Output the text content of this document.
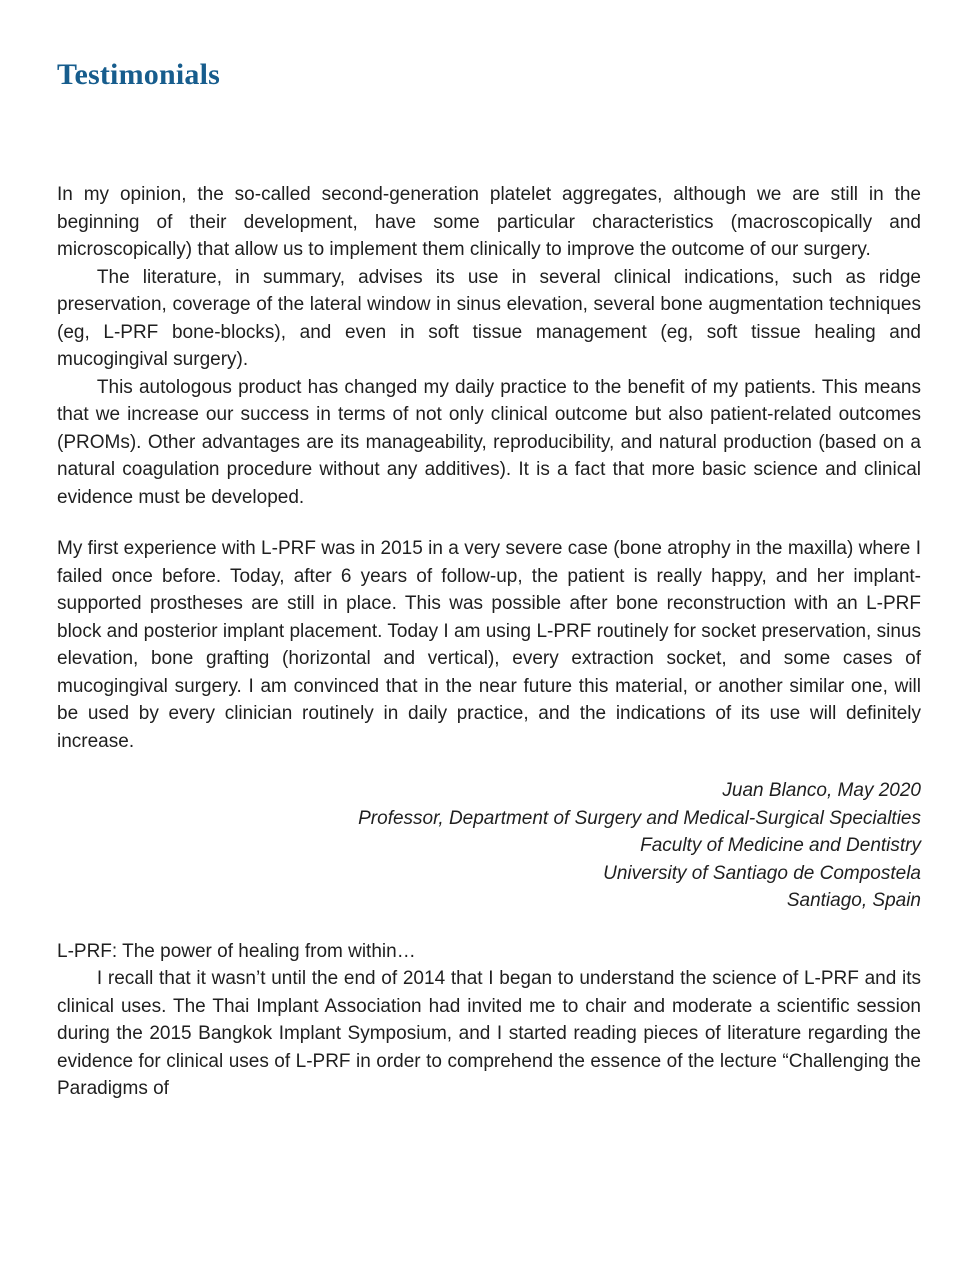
Testimonials

In my opinion, the so-called second-generation platelet aggregates, although we are still in the beginning of their development, have some particular characteristics (macroscopically and microscopically) that allow us to implement them clinically to improve the outcome of our surgery.

The literature, in summary, advises its use in several clinical indications, such as ridge preservation, coverage of the lateral window in sinus elevation, several bone augmentation techniques (eg, L-PRF bone-blocks), and even in soft tissue management (eg, soft tissue healing and mucogingival surgery).

This autologous product has changed my daily practice to the benefit of my patients. This means that we increase our success in terms of not only clinical outcome but also patient-related outcomes (PROMs). Other advantages are its manageability, reproducibility, and natural production (based on a natural coagulation procedure without any additives). It is a fact that more basic science and clinical evidence must be developed.

My first experience with L-PRF was in 2015 in a very severe case (bone atrophy in the maxilla) where I failed once before. Today, after 6 years of follow-up, the patient is really happy, and her implant-supported prostheses are still in place. This was possible after bone reconstruction with an L-PRF block and posterior implant placement. Today I am using L-PRF routinely for socket preservation, sinus elevation, bone grafting (horizontal and vertical), every extraction socket, and some cases of mucogingival surgery. I am convinced that in the near future this material, or another similar one, will be used by every clinician routinely in daily practice, and the indications of its use will definitely increase.

Juan Blanco, May 2020
Professor, Department of Surgery and Medical-Surgical Specialties
Faculty of Medicine and Dentistry
University of Santiago de Compostela
Santiago, Spain

L-PRF: The power of healing from within…

I recall that it wasn’t until the end of 2014 that I began to understand the science of L-PRF and its clinical uses. The Thai Implant Association had invited me to chair and moderate a scientific session during the 2015 Bangkok Implant Symposium, and I started reading pieces of literature regarding the evidence for clinical uses of L-PRF in order to comprehend the essence of the lecture “Challenging the Paradigms of
